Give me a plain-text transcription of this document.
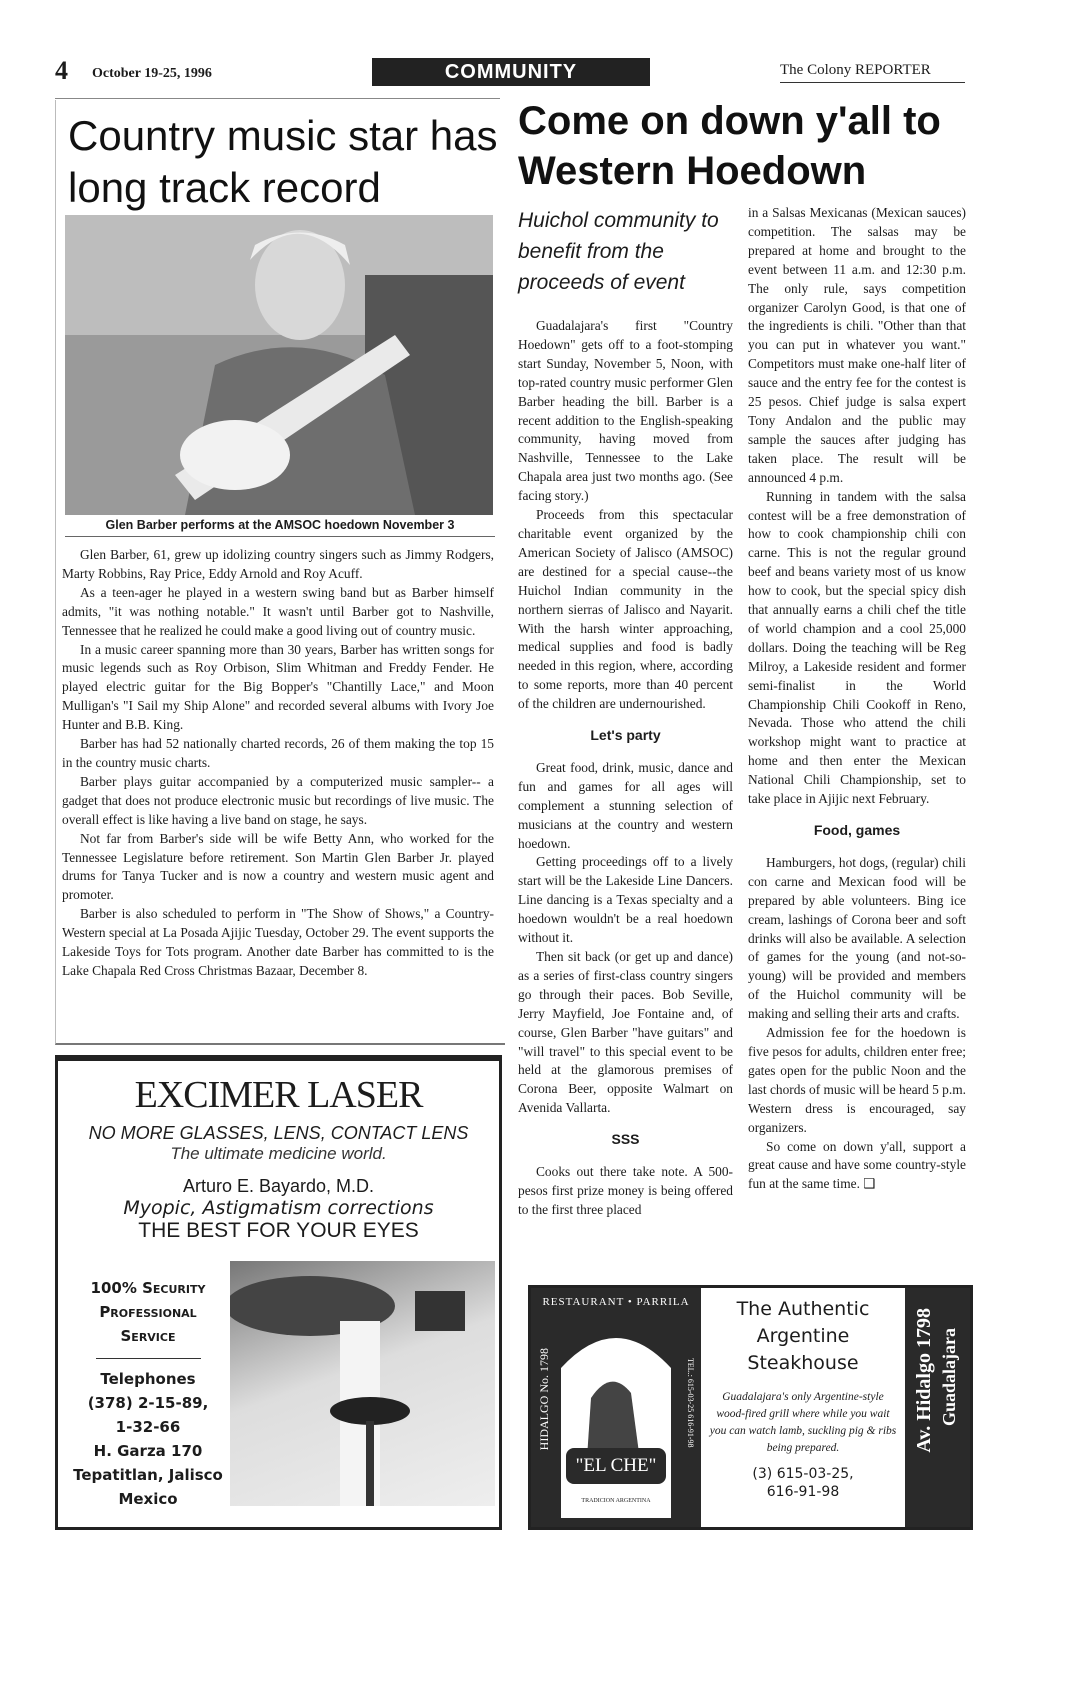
4 October 19-25, 1996	COMMUNITY	The Colony REPORTER
Country music star has long track record
Glen Barber performs at the AMSOC hoedown November 3

Glen Barber, 61, grew up idolizing country singers such as Jimmy Rodgers, Marty Robbins, Ray Price, Eddy Arnold and Roy Acuff.

As a teen-ager he played in a western swing band but as Barber himself admits, "it was nothing notable." It wasn't until Barber got to Nashville, Tennessee that he realized he could make a good living out of country music.

In a music career spanning more than 30 years, Barber has written songs for music legends such as Roy Orbison, Slim Whitman and Freddy Fender. He played electric guitar for the Big Bopper's "Chantilly Lace," and Moon Mulligan's "I Sail my Ship Alone" and recorded several albums with Ivory Joe Hunter and B.B. King.

Barber has had 52 nationally charted records, 26 of them making the top 15 in the country music charts.

Barber plays guitar accompanied by a computerized music sampler-- a gadget that does not produce electronic music but recordings of live music. The overall effect is like having a live band on stage, he says.

Not far from Barber's side will be wife Betty Ann, who worked for the Tennessee Legislature before retirement. Son Martin Glen Barber Jr. played drums for Tanya Tucker and is now a country and western music agent and promoter.

Barber is also scheduled to perform in "The Show of Shows," a Country-Western special at La Posada Ajijic Tuesday, October 29. The event supports the Lakeside Toys for Tots program. Another date Barber has committed to is the Lake Chapala Red Cross Christmas Bazaar, December 8.

Come on down y'all to Western Hoedown
Huichol community to benefit from the proceeds of event

Guadalajara's first "Country Hoedown" gets off to a foot-stomping start Sunday, November 5, Noon, with top-rated country music performer Glen Barber heading the bill. Barber is a recent addition to the English-speaking community, having moved from Nashville, Tennessee to the Lake Chapala area just two months ago. (See facing story.)

Proceeds from this spectacular charitable event organized by the American Society of Jalisco (AMSOC) are destined for a special cause--the Huichol Indian community in the northern sierras of Jalisco and Nayarit. With the harsh winter approaching, medical supplies and food is badly needed in this region, where, according to some reports, more than 40 percent of the children are undernourished.

Let's party

Great food, drink, music, dance and fun and games for all ages will complement a stunning selection of musicians at the country and western hoedown.

Getting proceedings off to a lively start will be the Lakeside Line Dancers. Line dancing is a Texas specialty and a hoedown wouldn't be a real hoedown without it.

Then sit back (or get up and dance) as a series of first-class country singers go through their paces. Bob Seville, Jerry Mayfield, Joe Fontaine and, of course, Glen Barber "have guitars" and "will travel" to this special event to be held at the glamorous premises of Corona Beer, opposite Walmart on Avenida Vallarta.

SSS

Cooks out there take note. A 500-pesos first prize money is being offered to the first three placed

in a Salsas Mexicanas (Mexican sauces) competition. The salsas may be prepared at home and brought to the event between 11 a.m. and 12:30 p.m. The only rule, says competition organizer Carolyn Good, is that one of the ingredients is chili. "Other than that you can put in whatever you want." Competitors must make one-half liter of sauce and the entry fee for the contest is 25 pesos. Chief judge is salsa expert Tony Andalon and the public may sample the sauces after judging has taken place. The result will be announced 4 p.m.

Running in tandem with the salsa contest will be a free demonstration of how to cook championship chili con carne. This is not the regular ground beef and beans variety most of us know how to cook, but the special spicy dish that annually earns a chili chef the title of world champion and a cool 25,000 dollars. Doing the teaching will be Reg Milroy, a Lakeside resident and former semi-finalist in the World Championship Chili Cookoff in Reno, Nevada. Those who attend the chili workshop might want to practice at home and then enter the Mexican National Chili Championship, set to take place in Ajijic next February.

Food, games

Hamburgers, hot dogs, (regular) chili con carne and Mexican food will be prepared by able volunteers. Bing ice cream, lashings of Corona beer and soft drinks will also be available. A selection of games for the young (and not-so-young) will be provided and members of the Huichol community will be making and selling their arts and crafts.

Admission fee for the hoedown is five pesos for adults, children enter free; gates open for the public Noon and the last chords of music will be heard 5 p.m. Western dress is encouraged, say organizers.

So come on down y'all, support a great cause and have some country-style fun at the same time. ❑

EXCIMER LASER
NO MORE GLASSES, LENS, CONTACT LENS
The ultimate medicine world.
Arturo E. Bayardo, M.D.
Myopic, Astigmatism corrections
THE BEST FOR YOUR EYES
100% Security
Professional
Service
Telephones
(378) 2-15-89,
1-32-66
H. Garza 170
Tepatitlan, Jalisco
Mexico
RESTAURANT • PARRILA
"EL CHE"
HIDALGO No. 1798	TEL.: 615-03-25 616-91-98
TRADICION ARGENTINA
The Authentic
Argentine
Steakhouse
Guadalajara's only Argentine-style wood-fired grill where while you wait you can watch lamb, suckling pig & ribs being prepared.
(3) 615-03-25,
616-91-98
Av. Hidalgo 1798 Guadalajara
